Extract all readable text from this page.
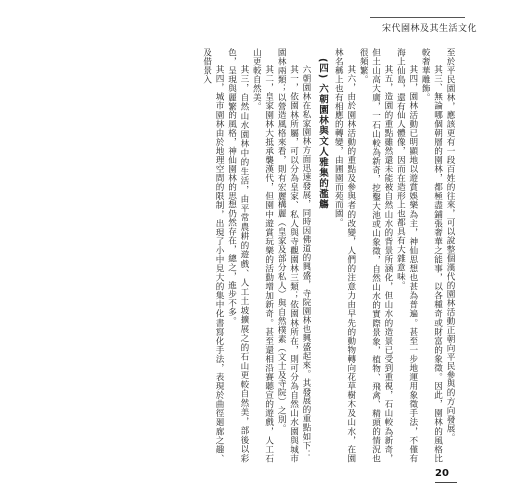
宋代園林及其生活文化

至於平民園林，應該更有一段百姓的往來，可以說整個漢代的園林活動正朝向平民參與的方向發展。

其三、無論哪個朝層的園林，都極盡鋪張奢華之能事，以各種奇或財富的象徵。因此，園林的風格比較奢華雕飾。

其四，園林活動已明顯地以遊賞娛樂為主，神仙思想也甚為普遍。甚至一步地運用象徵手法，不僅有海上仙島，還有仙人體像，因而在造形上也都具有大雜意味。

其五，造園的重點雖然還未能被自然山水的背景所涵化，但山水的造景已受到重視，石山較為新奇，但土山高大廣，一石山較為新奇，挖鑿大池或山象徵，自然山水的實際景象，植物、飛禽、精頭的情況也很頻繁。

其六，由於園林活動的重點及參與者的改變，人們的注意力由早先的動物轉向花草樹木及山水，在園林名稱上也有相應的轉變，由圃園而苑而園。

(四) 六朝園林與文人雅集的濫觴

六朝園林在私家園林方面迅速發展，同時因佛道的興盛，寺院園林也興盛起來。其發展的重點如下：

其一，依園林所屬，可以分為皇家、私人與寺觀園林三類；依園林所在，則可分為自然山水園與城市園林兩類；以營造風格來看，則有宏麗構麗（皇家及部分私人）與自然樸素（文士及寺院）之別。

其二，皇家園林大抵承襲漢代，但園中遊賞玩樂的活動增加新奇。甚至還相沿賽聽宣的遊戲，人工石山更較自然美。

其三，自然山水園林中的生活，由平常農耕的遊戲、人工土坡擴展之的石山更較自然美，部後以彩色，呈現與麗繁的風格，神仙園林的思想仍然存在，總之，進步不多。

其四，城市園林由於地理空間的限制，出現了小中見大的集中化書寫化手法，表現於曲徑廻廊之趣、及借景入

20
